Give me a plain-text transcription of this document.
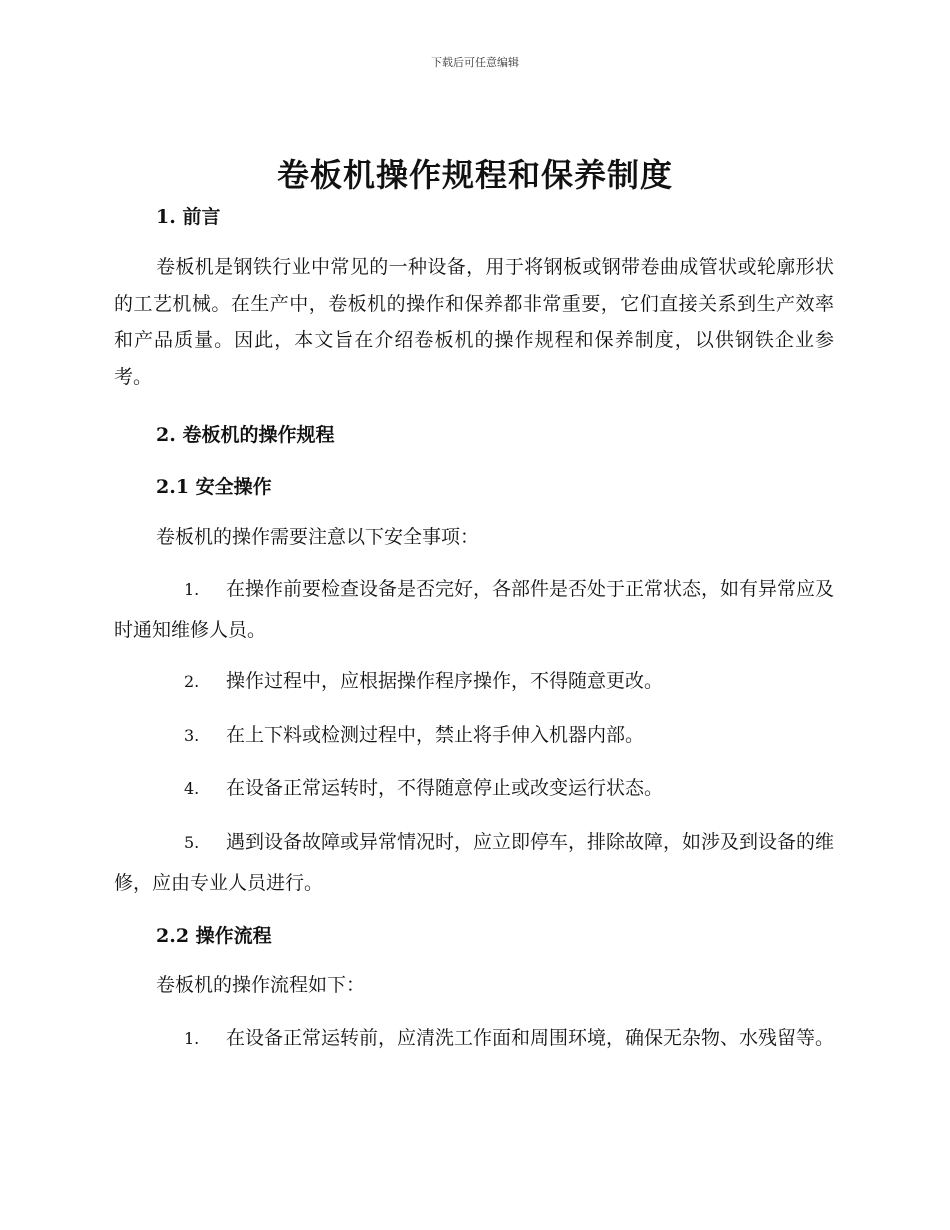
下载后可任意编辑
卷板机操作规程和保养制度
1. 前言

卷板机是钢铁行业中常见的一种设备，用于将钢板或钢带卷曲成管状或轮廓形状的工艺机械。在生产中，卷板机的操作和保养都非常重要，它们直接关系到生产效率和产品质量。因此，本文旨在介绍卷板机的操作规程和保养制度，以供钢铁企业参考。

2. 卷板机的操作规程
2.1 安全操作

卷板机的操作需要注意以下安全事项：

1. 在操作前要检查设备是否完好，各部件是否处于正常状态，如有异常应及时通知维修人员。

2. 操作过程中，应根据操作程序操作，不得随意更改。

3. 在上下料或检测过程中，禁止将手伸入机器内部。

4. 在设备正常运转时，不得随意停止或改变运行状态。

5. 遇到设备故障或异常情况时，应立即停车，排除故障，如涉及到设备的维修，应由专业人员进行。

2.2 操作流程

卷板机的操作流程如下：

1. 在设备正常运转前，应清洗工作面和周围环境，确保无杂物、水残留等。
